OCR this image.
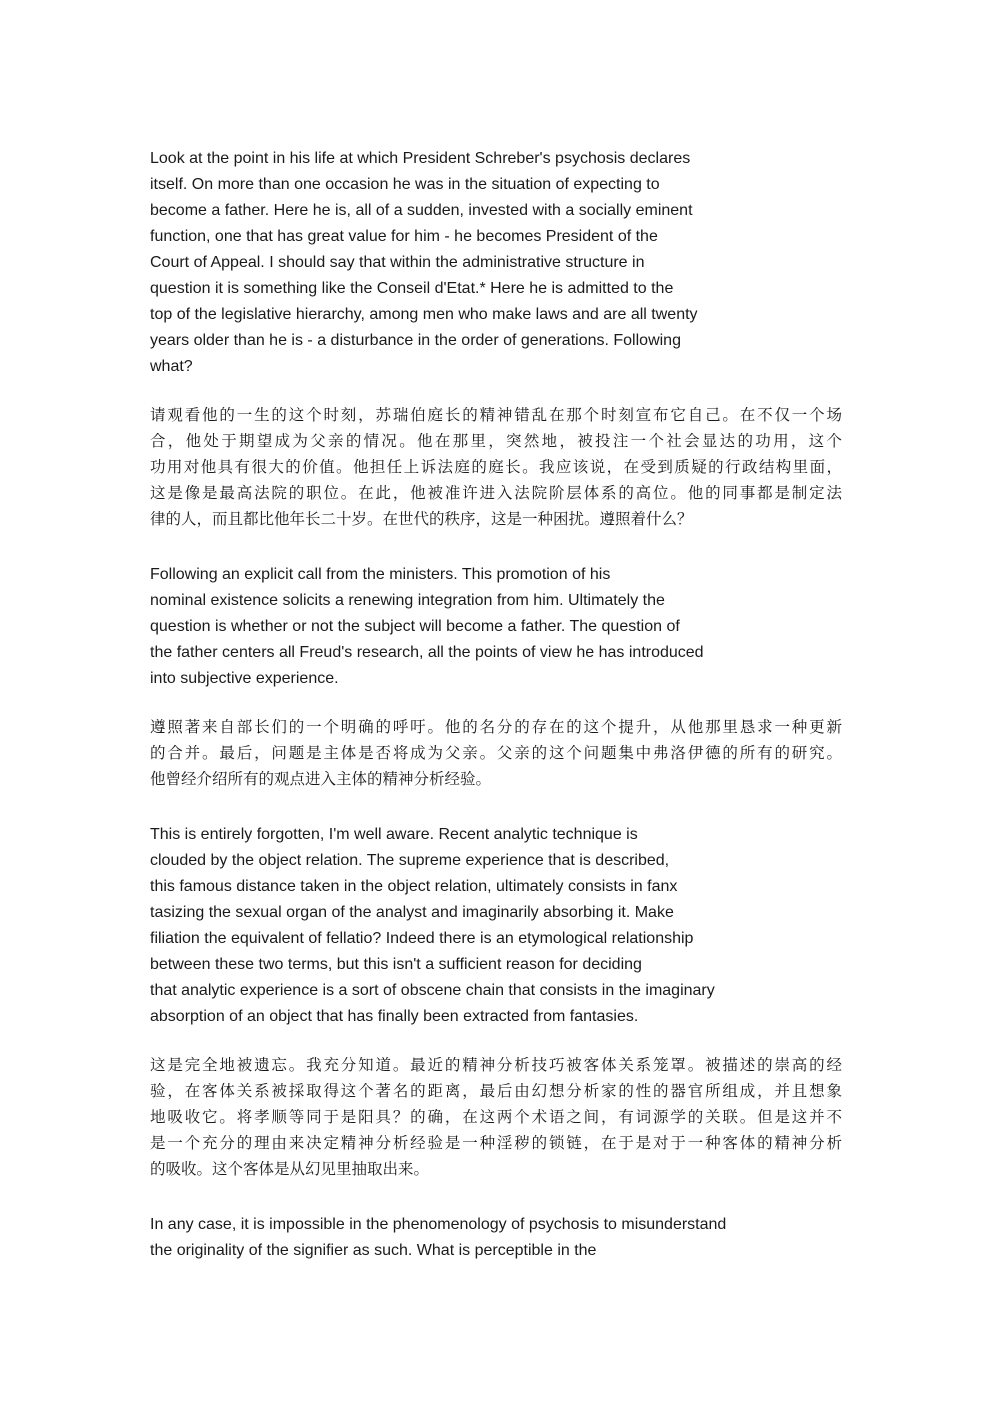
Look at the point in his life at which President Schreber's psychosis declares
itself. On more than one occasion he was in the situation of expecting to
become a father. Here he is, all of a sudden, invested with a socially eminent
function, one that has great value for him - he becomes President of the
Court of Appeal. I should say that within the administrative structure in
question it is something like the Conseil d'Etat.* Here he is admitted to the
top of the legislative hierarchy, among men who make laws and are all twenty
years older than he is - a disturbance in the order of generations. Following
what?

请观看他的一生的这个时刻，苏瑞伯庭长的精神错乱在那个时刻宣布它自己。在不仅一个场
合，他处于期望成为父亲的情况。他在那里，突然地，被投注一个社会显达的功用，这个
功用对他具有很大的价值。他担任上诉法庭的庭长。我应该说，在受到质疑的行政结构里面，
这是像是最高法院的职位。在此，他被准许进入法院阶层体系的高位。他的同事都是制定法
律的人，而且都比他年长二十岁。在世代的秩序，这是一种困扰。遵照着什么？

Following an explicit call from the ministers. This promotion of his
nominal existence solicits a renewing integration from him. Ultimately the
question is whether or not the subject will become a father. The question of
the father centers all Freud's research, all the points of view he has introduced
into subjective experience.

遵照著来自部长们的一个明确的呼吁。他的名分的存在的这个提升，从他那里恳求一种更新
的合并。最后，问题是主体是否将成为父亲。父亲的这个问题集中弗洛伊德的所有的研究。
他曾经介绍所有的观点进入主体的精神分析经验。

This is entirely forgotten, I'm well aware. Recent analytic technique is
clouded by the object relation. The supreme experience that is described,
this famous distance taken in the object relation, ultimately consists in fanx
tasizing the sexual organ of the analyst and imaginarily absorbing it. Make
filiation the equivalent of fellatio? Indeed there is an etymological relationship
between these two terms, but this isn't a sufficient reason for deciding
that analytic experience is a sort of obscene chain that consists in the imaginary
absorption of an object that has finally been extracted from fantasies.

这是完全地被遗忘。我充分知道。最近的精神分析技巧被客体关系笼罩。被描述的崇高的经
验，在客体关系被採取得这个著名的距离，最后由幻想分析家的性的器官所组成，并且想象
地吸收它。将孝顺等同于是阳具？的确，在这两个术语之间，有词源学的关联。但是这并不
是一个充分的理由来决定精神分析经验是一种淫秽的锁链，在于是对于一种客体的精神分析
的吸收。这个客体是从幻见里抽取出来。

In any case, it is impossible in the phenomenology of psychosis to misunderstand
the originality of the signifier as such. What is perceptible in the
